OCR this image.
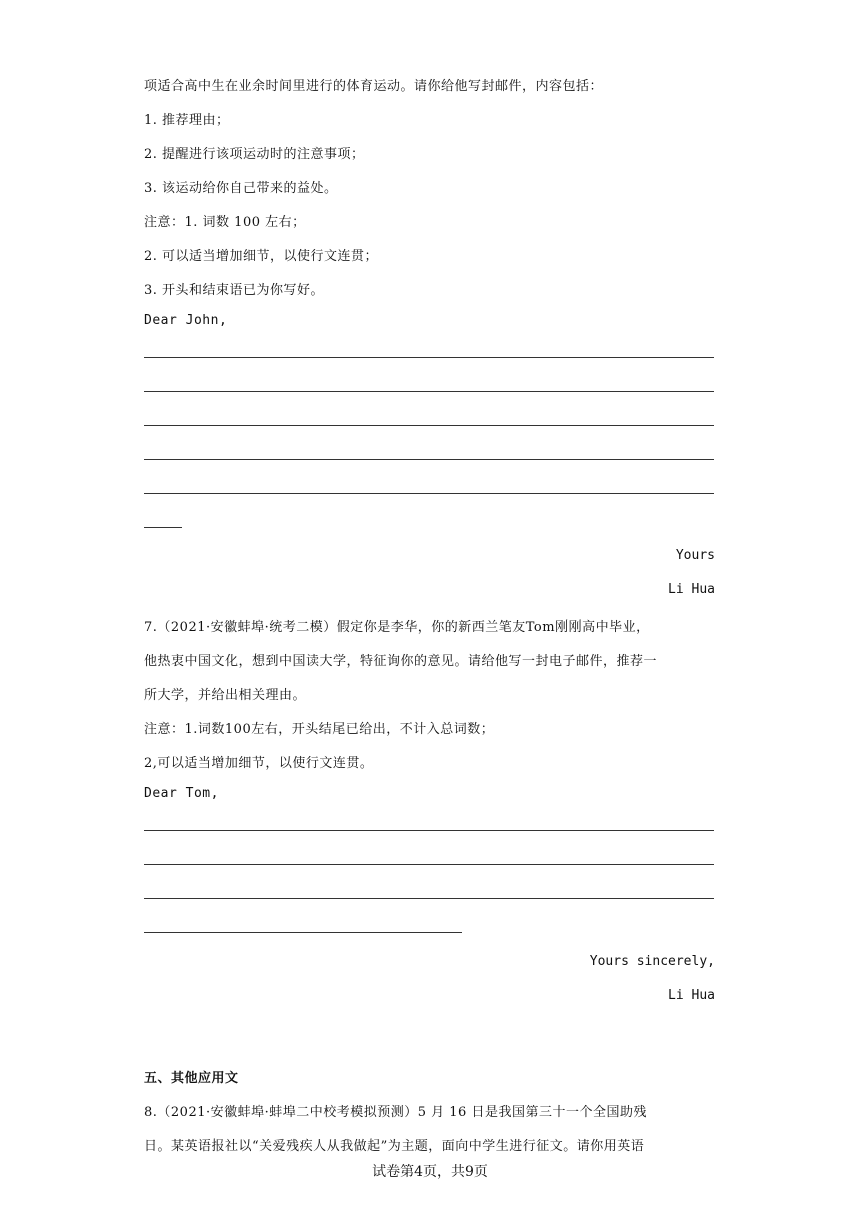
项适合高中生在业余时间里进行的体育运动。请你给他写封邮件，内容包括：
1. 推荐理由；
2. 提醒进行该项运动时的注意事项；
3. 该运动给你自己带来的益处。
注意：1. 词数 100 左右；
2. 可以适当增加细节，以使行文连贯；
3. 开头和结束语已为你写好。
Dear John,
Yours
Li Hua
7.（2021·安徽蚌埠·统考二模）假定你是李华，你的新西兰笔友Tom刚刚高中毕业，
他热衷中国文化，想到中国读大学，特征询你的意见。请给他写一封电子邮件，推荐一
所大学，并给出相关理由。
注意：1.词数100左右，开头结尾已给出，不计入总词数；
2,可以适当增加细节，以使行文连贯。
Dear Tom,
Yours sincerely,
Li Hua
五、其他应用文
8.（2021·安徽蚌埠·蚌埠二中校考模拟预测）5 月 16 日是我国第三十一个全国助残
日。某英语报社以“关爱残疾人从我做起”为主题，面向中学生进行征文。请你用英语
试卷第4页，共9页
